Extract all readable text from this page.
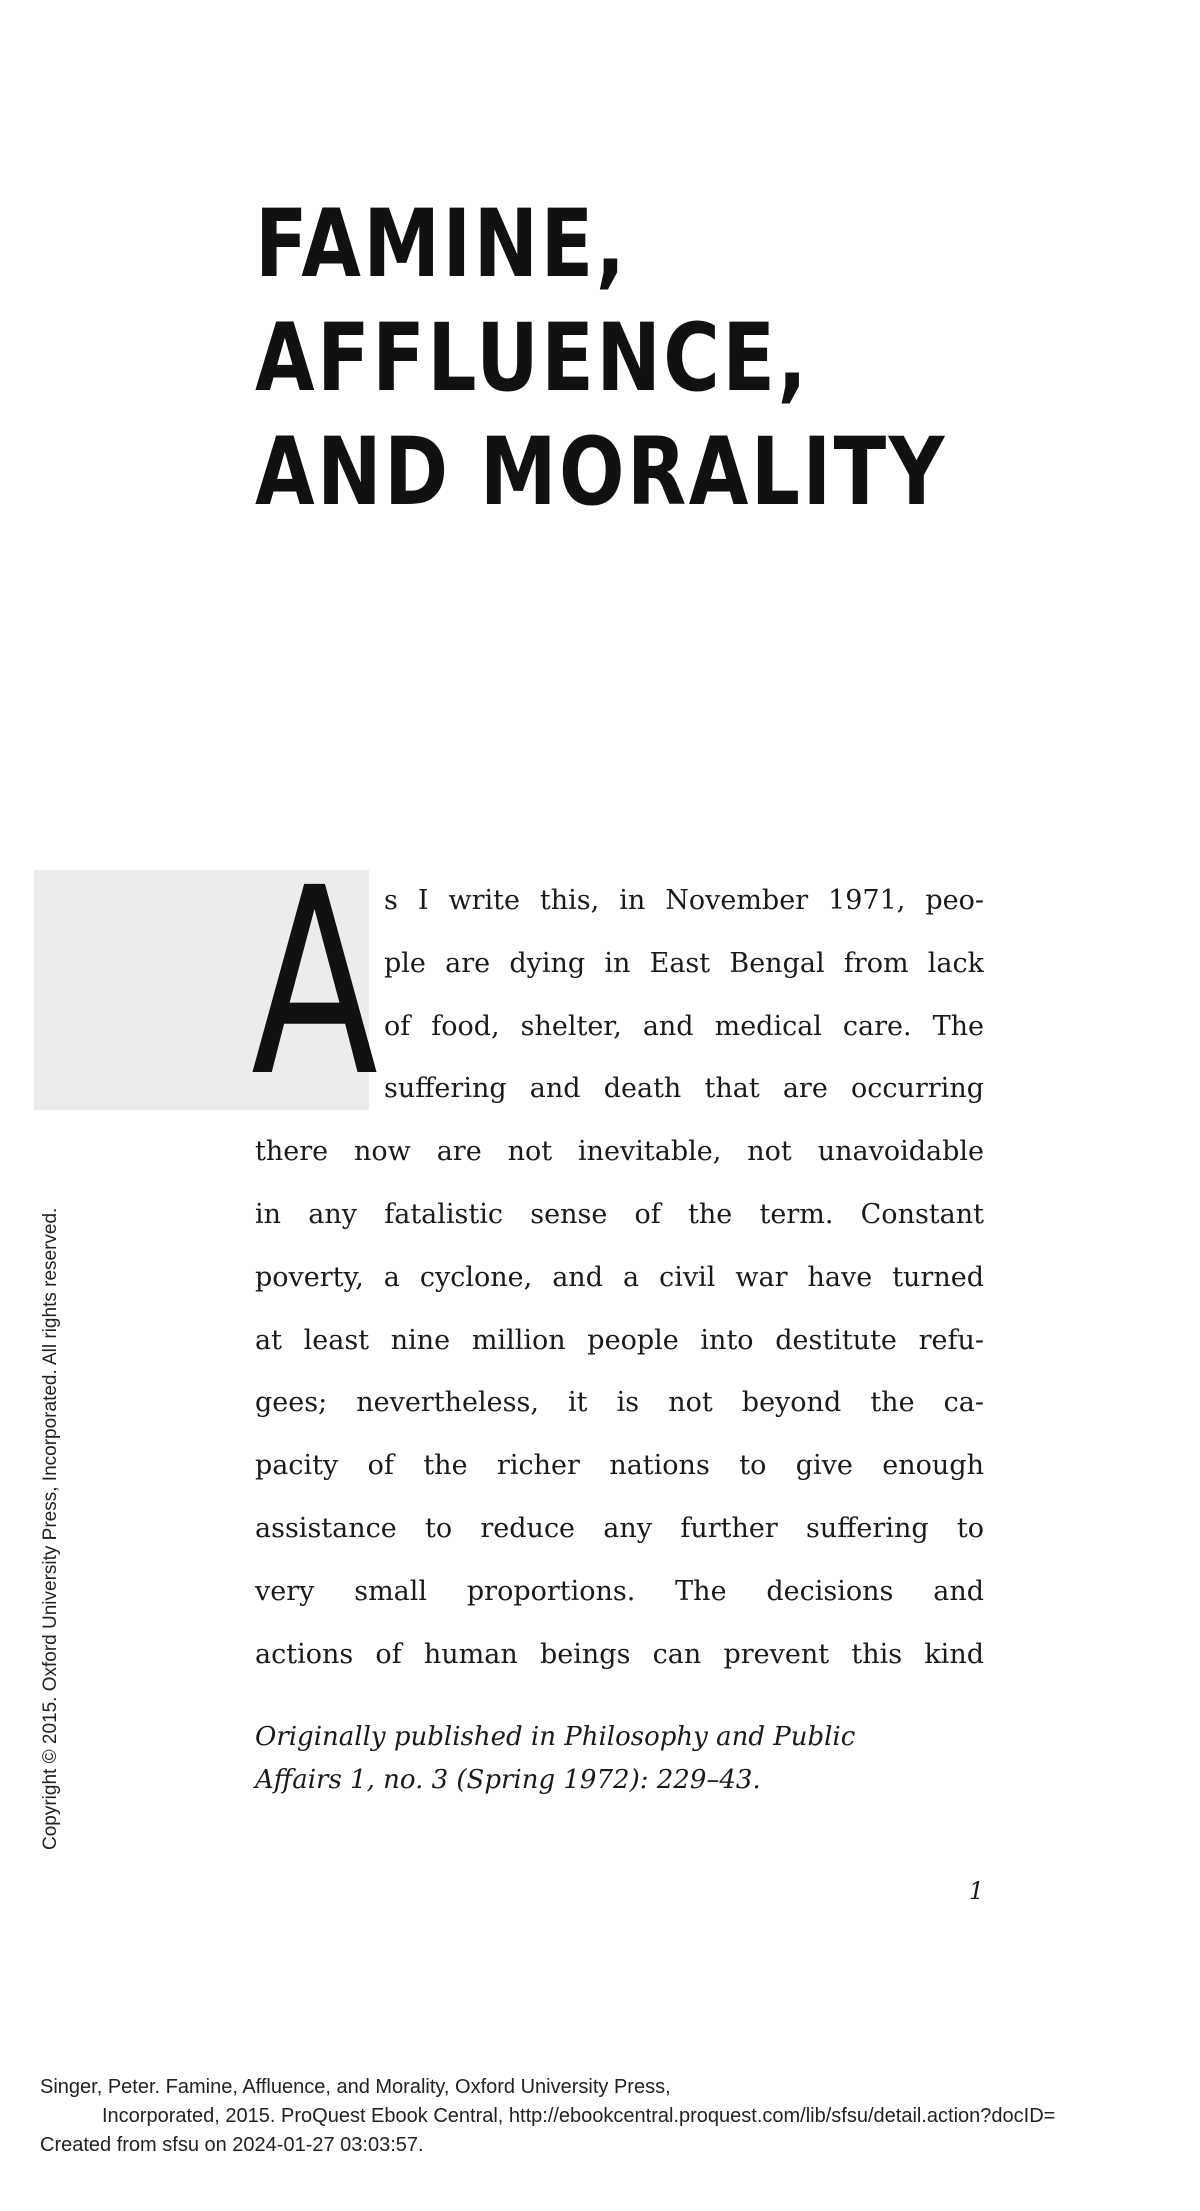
FAMINE,
AFFLUENCE,
AND MORALITY
A s I write this, in November 1971, peo-
ple are dying in East Bengal from lack
of food, shelter, and medical care. The
suffering and death that are occurring
there now are not inevitable, not unavoidable
in any fatalistic sense of the term. Constant
poverty, a cyclone, and a civil war have turned
at least nine million people into destitute refu-
gees; nevertheless, it is not beyond the ca-
pacity of the richer nations to give enough
assistance to reduce any further suffering to
very small proportions. The decisions and
actions of human beings can prevent this kind
Originally published in Philosophy and Public
Affairs 1, no. 3 (Spring 1972): 229–43.
1
Copyright © 2015. Oxford University Press, Incorporated. All rights reserved.
Singer, Peter. Famine, Affluence, and Morality, Oxford University Press,
Incorporated, 2015. ProQuest Ebook Central, http://ebookcentral.proquest.com/lib/sfsu/detail.action?docID=
Created from sfsu on 2024-01-27 03:03:57.
